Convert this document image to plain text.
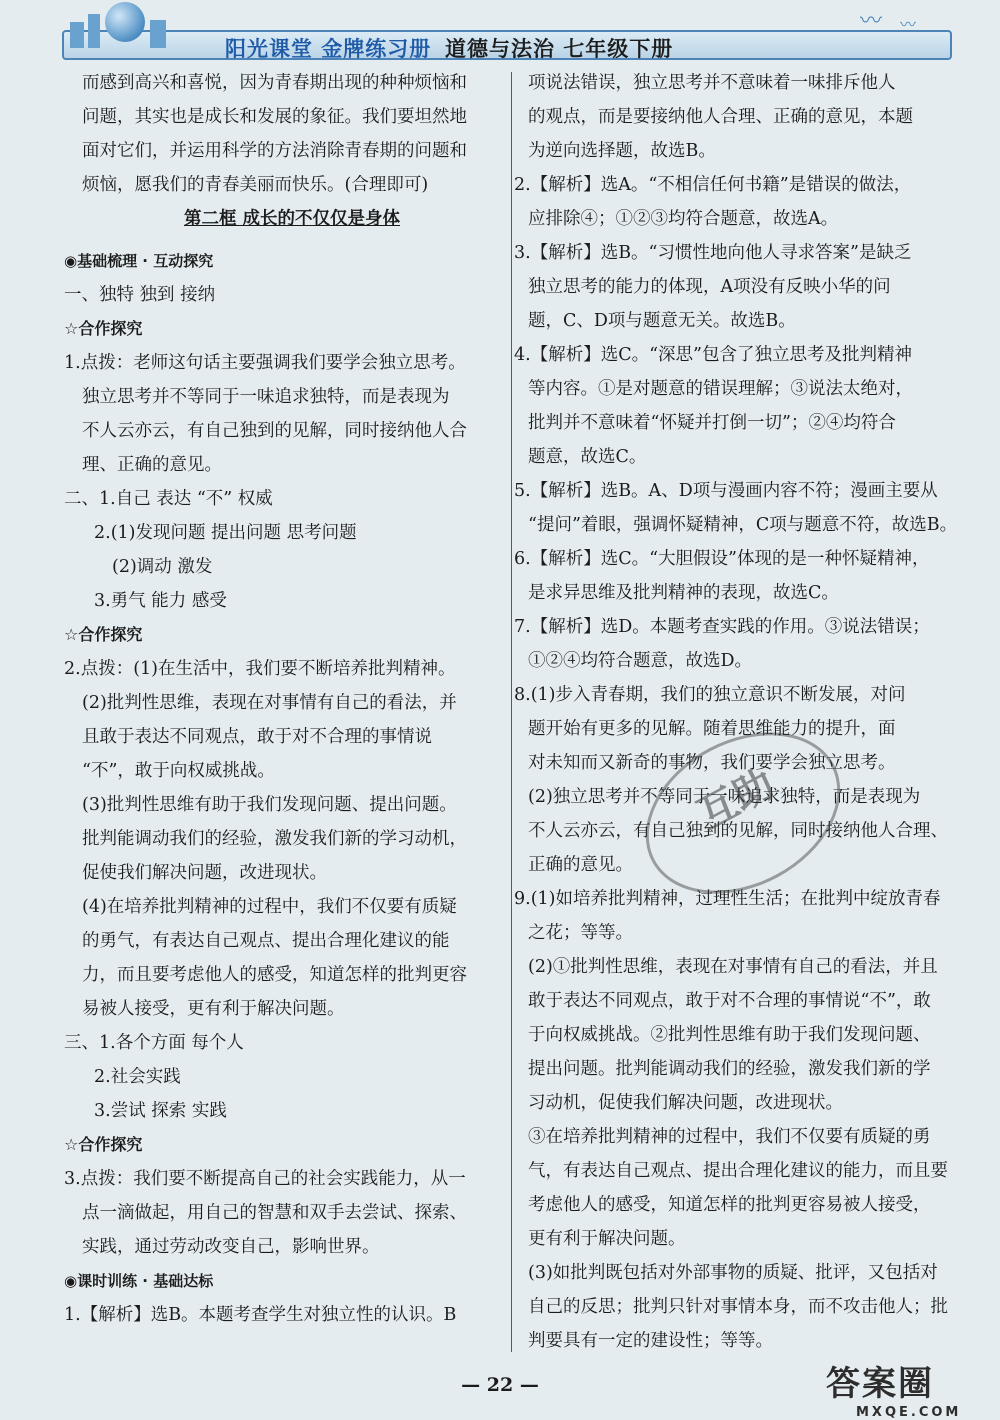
〰 〰
阳光课堂 金牌练习册 道德与法治 七年级下册

而感到高兴和喜悦，因为青春期出现的种种烦恼和

问题，其实也是成长和发展的象征。我们要坦然地

面对它们，并运用科学的方法消除青春期的问题和

烦恼，愿我们的青春美丽而快乐。(合理即可)

第二框 成长的不仅仅是身体

◉基础梳理 · 互动探究

一、独特 独到 接纳

☆合作探究

1.点拨：老师这句话主要强调我们要学会独立思考。

独立思考并不等同于一味追求独特，而是表现为

不人云亦云，有自己独到的见解，同时接纳他人合

理、正确的意见。

二、1.自己 表达 “不” 权威

2.(1)发现问题 提出问题 思考问题

(2)调动 激发

3.勇气 能力 感受

☆合作探究

2.点拨：(1)在生活中，我们要不断培养批判精神。

(2)批判性思维，表现在对事情有自己的看法，并

且敢于表达不同观点，敢于对不合理的事情说

“不”，敢于向权威挑战。

(3)批判性思维有助于我们发现问题、提出问题。

批判能调动我们的经验，激发我们新的学习动机，

促使我们解决问题，改进现状。

(4)在培养批判精神的过程中，我们不仅要有质疑

的勇气，有表达自己观点、提出合理化建议的能

力，而且要考虑他人的感受，知道怎样的批判更容

易被人接受，更有利于解决问题。

三、1.各个方面 每个人

2.社会实践

3.尝试 探索 实践

☆合作探究

3.点拨：我们要不断提高自己的社会实践能力，从一

点一滴做起，用自己的智慧和双手去尝试、探索、

实践，通过劳动改变自己，影响世界。

◉课时训练 · 基础达标

1.【解析】选B。本题考查学生对独立性的认识。B

项说法错误，独立思考并不意味着一味排斥他人

的观点，而是要接纳他人合理、正确的意见，本题

为逆向选择题，故选B。

2.【解析】选A。“不相信任何书籍”是错误的做法，

应排除④；①②③均符合题意，故选A。

3.【解析】选B。“习惯性地向他人寻求答案”是缺乏

独立思考的能力的体现，A项没有反映小华的问

题，C、D项与题意无关。故选B。

4.【解析】选C。“深思”包含了独立思考及批判精神

等内容。①是对题意的错误理解；③说法太绝对，

批判并不意味着“怀疑并打倒一切”；②④均符合

题意，故选C。

5.【解析】选B。A、D项与漫画内容不符；漫画主要从

“提问”着眼，强调怀疑精神，C项与题意不符，故选B。

6.【解析】选C。“大胆假设”体现的是一种怀疑精神，

是求异思维及批判精神的表现，故选C。

7.【解析】选D。本题考查实践的作用。③说法错误；

①②④均符合题意，故选D。

8.(1)步入青春期，我们的独立意识不断发展，对问

题开始有更多的见解。随着思维能力的提升，面

对未知而又新奇的事物，我们要学会独立思考。

(2)独立思考并不等同于一味追求独特，而是表现为

不人云亦云，有自己独到的见解，同时接纳他人合理、

正确的意见。

9.(1)如培养批判精神，过理性生活；在批判中绽放青春

之花；等等。

(2)①批判性思维，表现在对事情有自己的看法，并且

敢于表达不同观点，敢于对不合理的事情说“不”，敢

于向权威挑战。②批判性思维有助于我们发现问题、

提出问题。批判能调动我们的经验，激发我们新的学

习动机，促使我们解决问题，改进现状。

③在培养批判精神的过程中，我们不仅要有质疑的勇

气，有表达自己观点、提出合理化建议的能力，而且要

考虑他人的感受，知道怎样的批判更容易被人接受，

更有利于解决问题。

(3)如批判既包括对外部事物的质疑、批评，又包括对

自己的反思；批判只针对事情本身，而不攻击他人；批

判要具有一定的建设性；等等。

互助
— 22 —	答案圈
MXQE.COM
